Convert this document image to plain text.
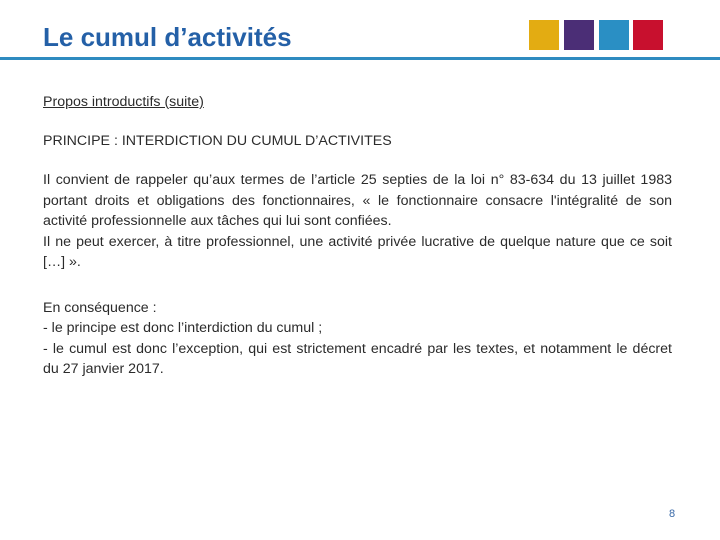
Le cumul d’activités

Propos introductifs (suite)

PRINCIPE : INTERDICTION DU CUMUL D’ACTIVITES

Il convient de rappeler qu’aux termes de l’article 25 septies de la loi n° 83-634 du 13 juillet 1983 portant droits et obligations des fonctionnaires, « le fonctionnaire consacre l'intégralité de son activité professionnelle aux tâches qui lui sont confiées.

Il ne peut exercer, à titre professionnel, une activité privée lucrative de quelque nature que ce soit […] ».

En conséquence :

- le principe est donc l’interdiction du cumul ;

- le cumul est donc l’exception, qui est strictement encadré par les textes, et notamment le décret du 27 janvier 2017.

8
